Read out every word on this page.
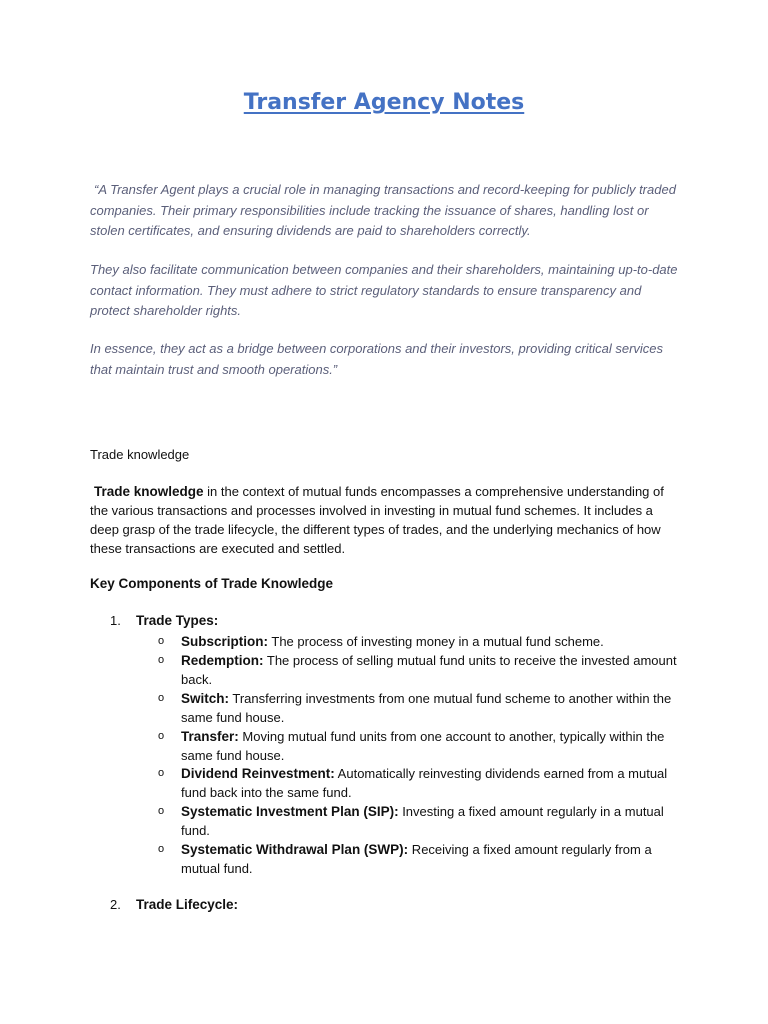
Transfer Agency Notes

“A Transfer Agent plays a crucial role in managing transactions and record-keeping for publicly traded companies. Their primary responsibilities include tracking the issuance of shares, handling lost or stolen certificates, and ensuring dividends are paid to shareholders correctly.

They also facilitate communication between companies and their shareholders, maintaining up-to-date contact information. They must adhere to strict regulatory standards to ensure transparency and protect shareholder rights.

In essence, they act as a bridge between corporations and their investors, providing critical services that maintain trust and smooth operations.”

Trade knowledge

Trade knowledge in the context of mutual funds encompasses a comprehensive understanding of the various transactions and processes involved in investing in mutual fund schemes. It includes a deep grasp of the trade lifecycle, the different types of trades, and the underlying mechanics of how these transactions are executed and settled.

Key Components of Trade Knowledge

1. Trade Types:
o Subscription: The process of investing money in a mutual fund scheme.
o Redemption: The process of selling mutual fund units to receive the invested amount back.
o Switch: Transferring investments from one mutual fund scheme to another within the same fund house.
o Transfer: Moving mutual fund units from one account to another, typically within the same fund house.
o Dividend Reinvestment: Automatically reinvesting dividends earned from a mutual fund back into the same fund.
o Systematic Investment Plan (SIP): Investing a fixed amount regularly in a mutual fund.
o Systematic Withdrawal Plan (SWP): Receiving a fixed amount regularly from a mutual fund.
2. Trade Lifecycle:
